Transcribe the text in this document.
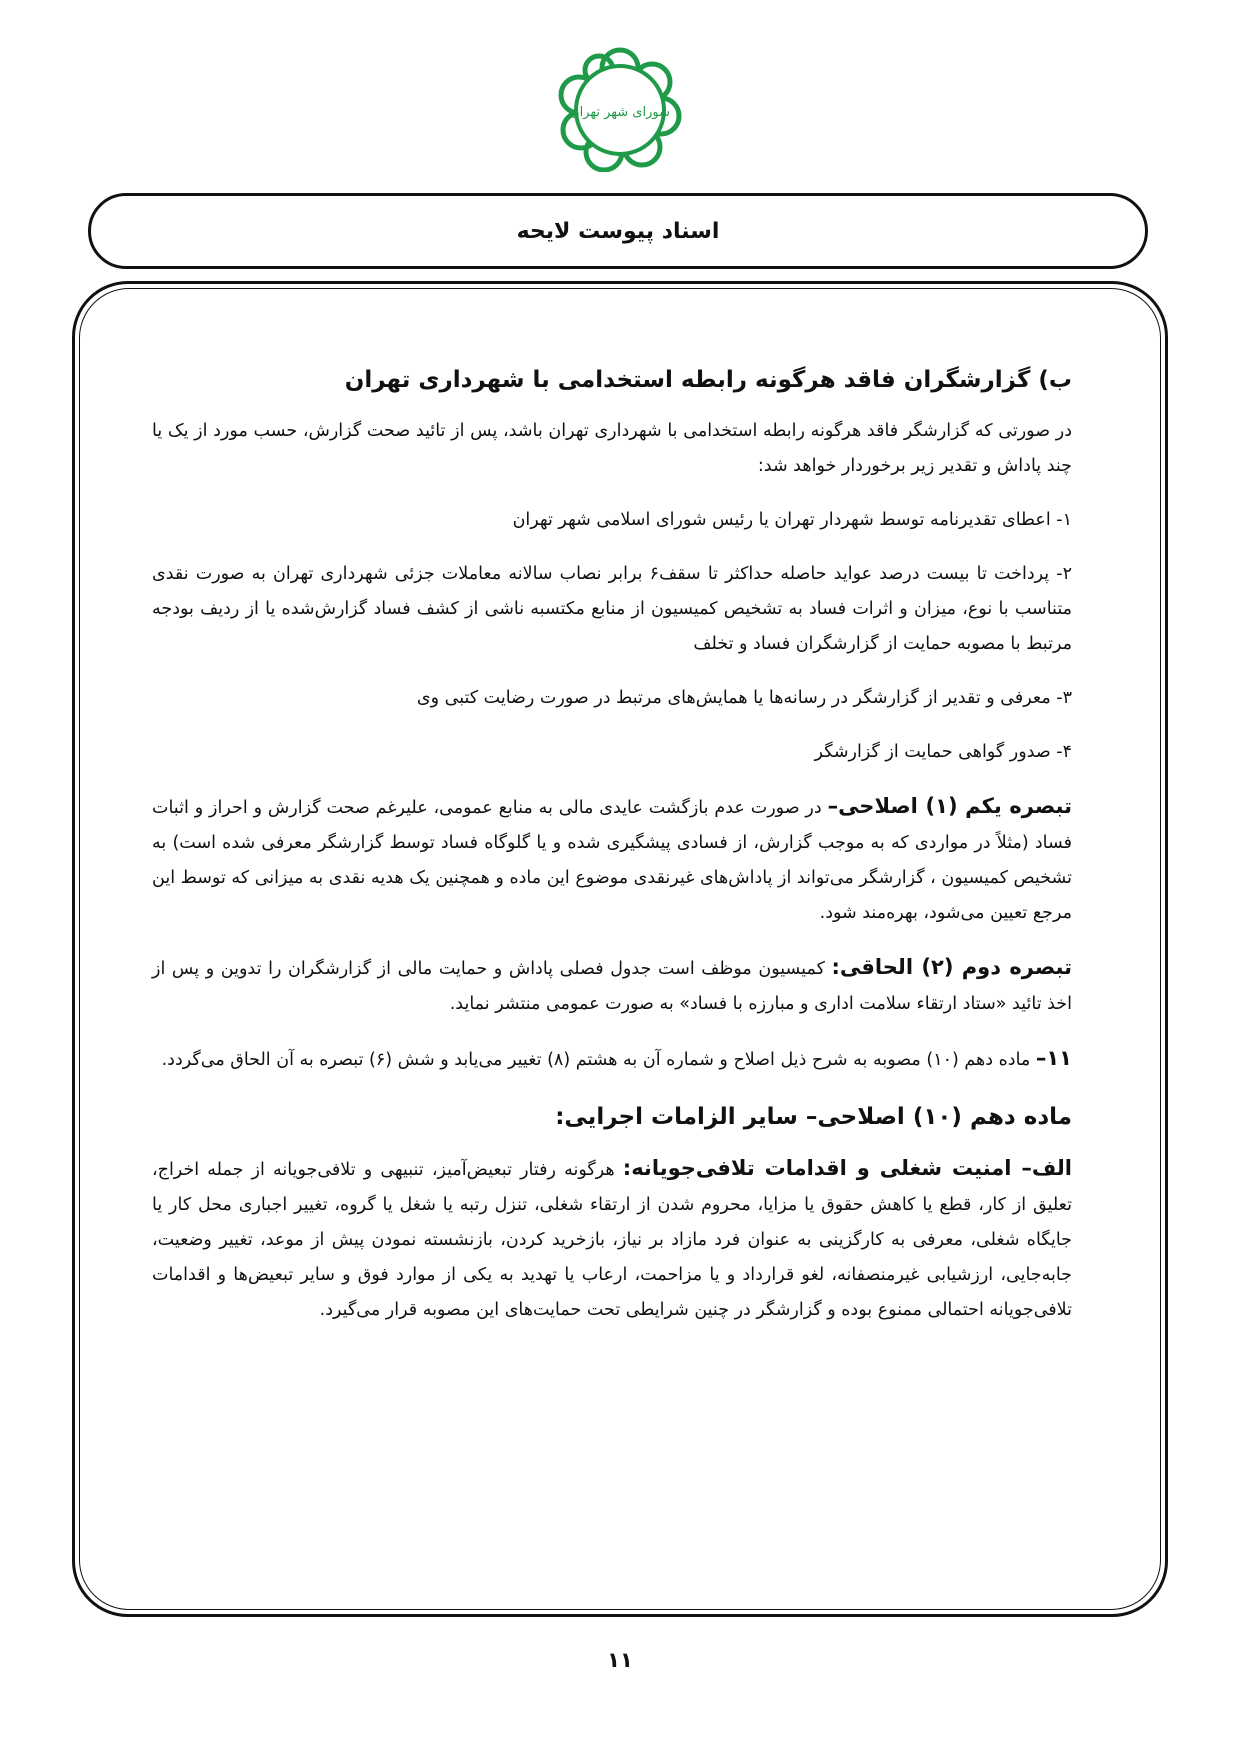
شورای شهر تهران
اسناد پیوست لایحه

ب) گزارشگران فاقد هرگونه رابطه استخدامی با شهرداری تهران

در صورتی که گزارشگر فاقد هرگونه رابطه استخدامی با شهرداری تهران باشد، پس از تائید صحت گزارش، حسب مورد از یک یا چند پاداش و تقدیر زیر برخوردار خواهد شد:

۱- اعطای تقدیرنامه توسط شهردار تهران یا رئیس شورای اسلامی شهر تهران

۲- پرداخت تا بیست درصد عواید حاصله حداکثر تا سقف۶ برابر نصاب سالانه معاملات جزئی شهرداری تهران به صورت نقدی متناسب با نوع، میزان و اثرات فساد به تشخیص کمیسیون از منابع مکتسبه ناشی از کشف فساد گزارش‌شده یا از ردیف بودجه مرتبط با مصوبه حمایت از گزارشگران فساد و تخلف

۳- معرفی و تقدیر از گزارشگر در رسانه‌ها یا همایش‌های مرتبط در صورت رضایت کتبی وی

۴- صدور گواهی حمایت از گزارشگر

تبصره یکم (۱) اصلاحی– در صورت عدم بازگشت عایدی مالی به منابع عمومی، علیرغم صحت گزارش و احراز و اثبات فساد (مثلاً در مواردی که به موجب گزارش، از فسادی پیشگیری شده و یا گلوگاه فساد توسط گزارشگر معرفی شده است) به تشخیص کمیسیون ، گزارشگر می‌تواند از پاداش‌های غیرنقدی موضوع این ماده و همچنین یک هدیه نقدی به میزانی که توسط این مرجع تعیین می‌شود، بهره‌مند شود.

تبصره دوم (۲) الحاقی: کمیسیون موظف است جدول فصلی پاداش و حمایت مالی از گزارشگران را تدوین و پس از اخذ تائید «ستاد ارتقاء سلامت اداری و مبارزه با فساد» به صورت عمومی منتشر نماید.

۱۱– ماده دهم (۱۰) مصوبه به شرح ذیل اصلاح و شماره آن به هشتم (۸) تغییر می‌یابد و شش (۶) تبصره به آن الحاق می‌گردد.

ماده دهم (۱۰) اصلاحی– سایر الزامات اجرایی:

الف– امنیت شغلی و اقدامات تلافی‌جویانه: هرگونه رفتار تبعیض‌آمیز، تنبیهی و تلافی‌جویانه از جمله اخراج، تعلیق از کار، قطع یا کاهش حقوق یا مزایا، محروم شدن از ارتقاء شغلی، تنزل رتبه یا شغل یا گروه، تغییر اجباری محل کار یا جایگاه شغلی، معرفی به کارگزینی به عنوان فرد مازاد بر نیاز، بازخرید کردن، بازنشسته نمودن پیش از موعد، تغییر وضعیت، جابه‌جایی، ارزشیابی غیرمنصفانه، لغو قرارداد و یا مزاحمت، ارعاب یا تهدید به یکی از موارد فوق و سایر تبعیض‌ها و اقدامات تلافی‌جویانه احتمالی ممنوع بوده و گزارشگر در چنین شرایطی تحت حمایت‌های این مصوبه قرار می‌گیرد.

۱۱
